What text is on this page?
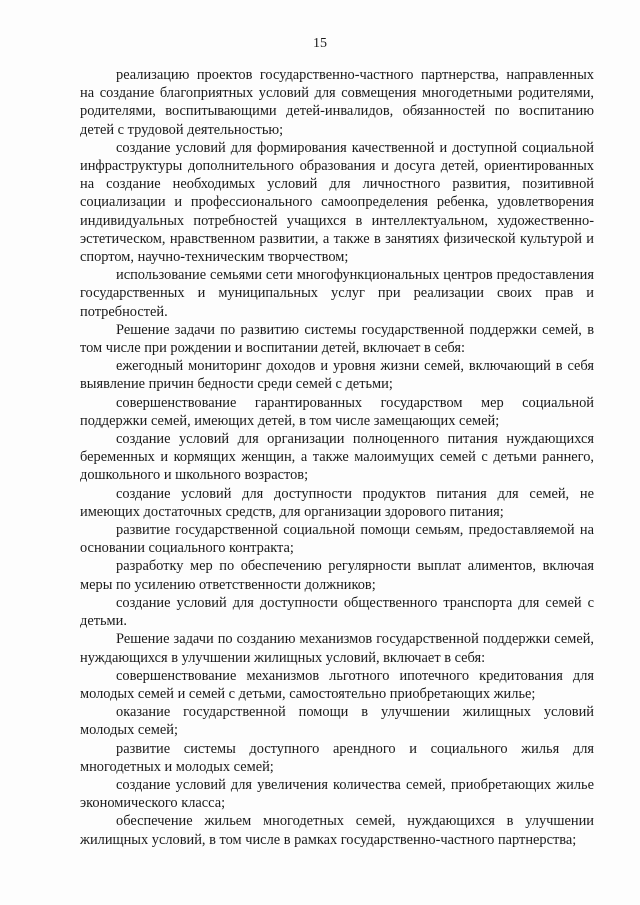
15

реализацию проектов государственно-частного партнерства, направленных на создание благоприятных условий для совмещения многодетными родителями, родителями, воспитывающими детей-инвалидов, обязанностей по воспитанию детей с трудовой деятельностью;

создание условий для формирования качественной и доступной социальной инфраструктуры дополнительного образования и досуга детей, ориентированных на создание необходимых условий для личностного развития, позитивной социализации и профессионального самоопределения ребенка, удовлетворения индивидуальных потребностей учащихся в интеллектуальном, художественно-эстетическом, нравственном развитии, а также в занятиях физической культурой и спортом, научно-техническим творчеством;

использование семьями сети многофункциональных центров предоставления государственных и муниципальных услуг при реализации своих прав и потребностей.

Решение задачи по развитию системы государственной поддержки семей, в том числе при рождении и воспитании детей, включает в себя:

ежегодный мониторинг доходов и уровня жизни семей, включающий в себя выявление причин бедности среди семей с детьми;

совершенствование гарантированных государством мер социальной поддержки семей, имеющих детей, в том числе замещающих семей;

создание условий для организации полноценного питания нуждающихся беременных и кормящих женщин, а также малоимущих семей с детьми раннего, дошкольного и школьного возрастов;

создание условий для доступности продуктов питания для семей, не имеющих достаточных средств, для организации здорового питания;

развитие государственной социальной помощи семьям, предоставляемой на основании социального контракта;

разработку мер по обеспечению регулярности выплат алиментов, включая меры по усилению ответственности должников;

создание условий для доступности общественного транспорта для семей с детьми.

Решение задачи по созданию механизмов государственной поддержки семей, нуждающихся в улучшении жилищных условий, включает в себя:

совершенствование механизмов льготного ипотечного кредитования для молодых семей и семей с детьми, самостоятельно приобретающих жилье;

оказание государственной помощи в улучшении жилищных условий молодых семей;

развитие системы доступного арендного и социального жилья для многодетных и молодых семей;

создание условий для увеличения количества семей, приобретающих жилье экономического класса;

обеспечение жильем многодетных семей, нуждающихся в улучшении жилищных условий, в том числе в рамках государственно-частного партнерства;
